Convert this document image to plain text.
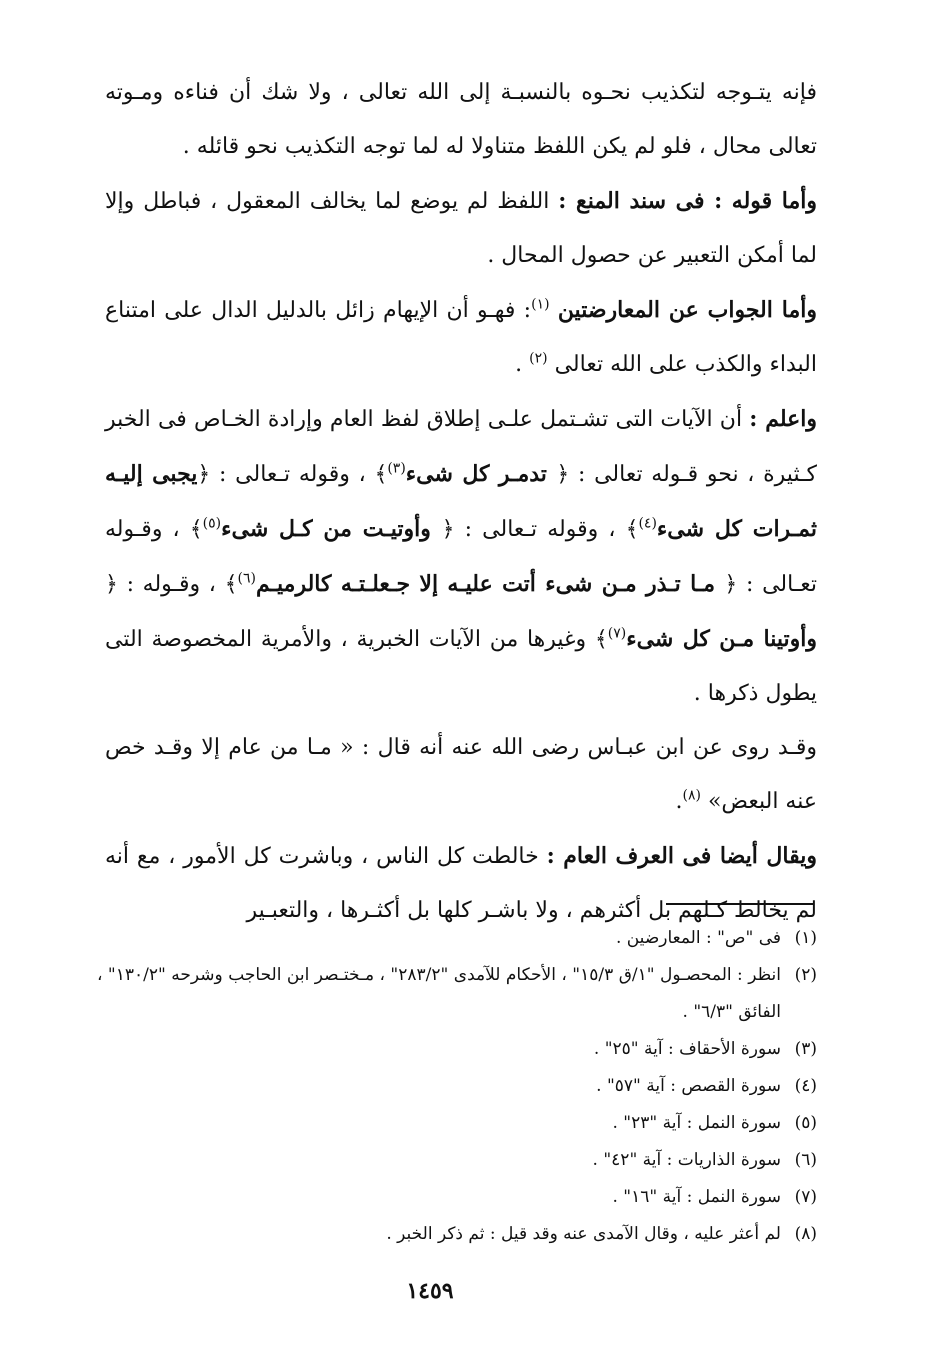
فإنه يتـوجه لتكذيب نحـوه بالنسبـة إلى الله تعالى ، ولا شك أن فناءه ومـوته تعالى محال ، فلو لم يكن اللفظ متناولا له لما توجه التكذيب نحو قائله .

وأما قوله : فى سند المنع : اللفظ لم يوضع لما يخالف المعقول ، فباطل وإلا لما أمكن التعبير عن حصول المحال .

وأما الجواب عن المعارضتين $^{(١)}$: فهـو أن الإيهام زائل بالدليل الدال على امتناع البداء والكذب على الله تعالى $^{(٢)}$ .

واعلم : أن الآيات التى تشـتمل علـى إطلاق لفظ العام وإرادة الخـاص فى الخبر كـثيرة ، نحو قـوله تعالى : ﴿ تدمـر كل شىء$^{(٣)}$﴾ ، وقوله تـعالى : ﴿يجبى إليـه ثمـرات كل شىء$^{(٤)}$﴾ ، وقوله تـعالى : ﴿ وأوتيـت من كـل شىء$^{(٥)}$﴾ ، وقـوله تعـالى : ﴿ مـا تـذر مـن شىء أتت عليـه إلا جـعلـتـه كالرميـم$^{(٦)}$﴾ ، وقـوله : ﴿ وأوتينا مـن كل شىء$^{(٧)}$﴾ وغيرها من الآيات الخبرية ، والأمرية المخصوصة التى يطول ذكرها .

وقـد روى عن ابن عبـاس رضى الله عنه أنه قال : « مـا من عام إلا وقـد خص عنه البعض» $^{(٨)}$.

ويقال أيضا فى العرف العام : خالطت كل الناس ، وباشرت كل الأمور ، مع أنه لم يخالط كـلهم بل أكثرهم ، ولا باشـر كلها بل أكثـرها ، والتعبـير

(١)
فى "ص" : المعارضين .
(٢)
انظر : المحصـول "١/ق ١٥/٣" ، الأحكام للآمدى "٢٨٣/٢" ، مـختـصر ابن الحاجب وشرحه "١٣٠/٢" ، الفائق "٦/٣" .
(٣)
سورة الأحقاف : آية "٢٥" .
(٤)
سورة القصص : آية "٥٧" .
(٥)
سورة النمل : آية "٢٣" .
(٦)
سورة الذاريات : آية "٤٢" .
(٧)
سورة النمل : آية "١٦" .
(٨)
لم أعثر عليه ، وقال الآمدى عنه وقد قيل : ثم ذكر الخبر .
١٤٥٩
